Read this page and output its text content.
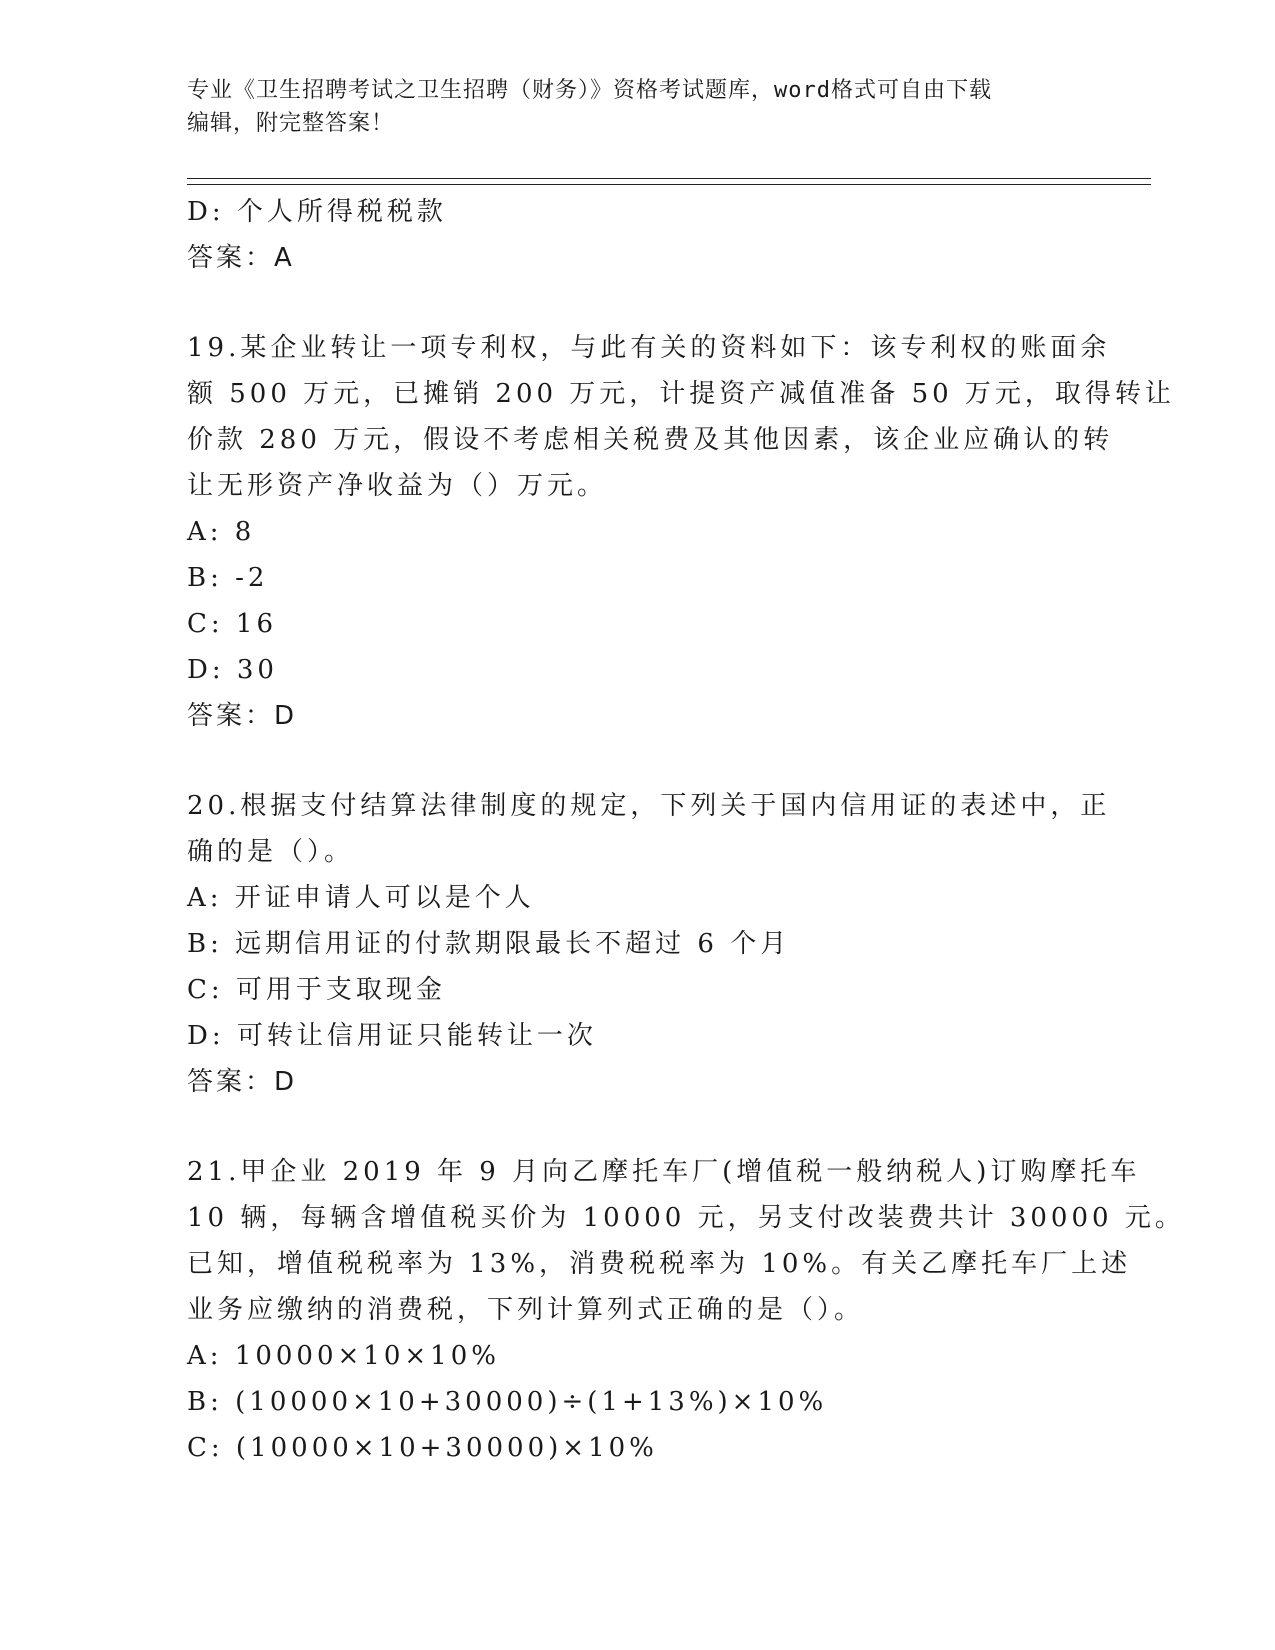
专业《卫生招聘考试之卫生招聘（财务）》资格考试题库，word格式可自由下载
编辑，附完整答案！
D: 个人所得税税款
答案：A
19.某企业转让一项专利权，与此有关的资料如下：该专利权的账面余
额 500 万元，已摊销 200 万元，计提资产减值准备 50 万元，取得转让
价款 280 万元，假设不考虑相关税费及其他因素，该企业应确认的转
让无形资产净收益为（）万元。
A: 8
B: -2
C: 16
D: 30
答案：D
20.根据支付结算法律制度的规定，下列关于国内信用证的表述中，正
确的是（）。
A: 开证申请人可以是个人
B: 远期信用证的付款期限最长不超过 6 个月
C: 可用于支取现金
D: 可转让信用证只能转让一次
答案：D
21.甲企业 2019 年 9 月向乙摩托车厂(增值税一般纳税人)订购摩托车
10 辆，每辆含增值税买价为 10000 元，另支付改装费共计 30000 元。
已知，增值税税率为 13%，消费税税率为 10%。有关乙摩托车厂上述
业务应缴纳的消费税，下列计算列式正确的是（）。
A: 10000×10×10%
B: (10000×10+30000)÷(1+13%)×10%
C: (10000×10+30000)×10%
